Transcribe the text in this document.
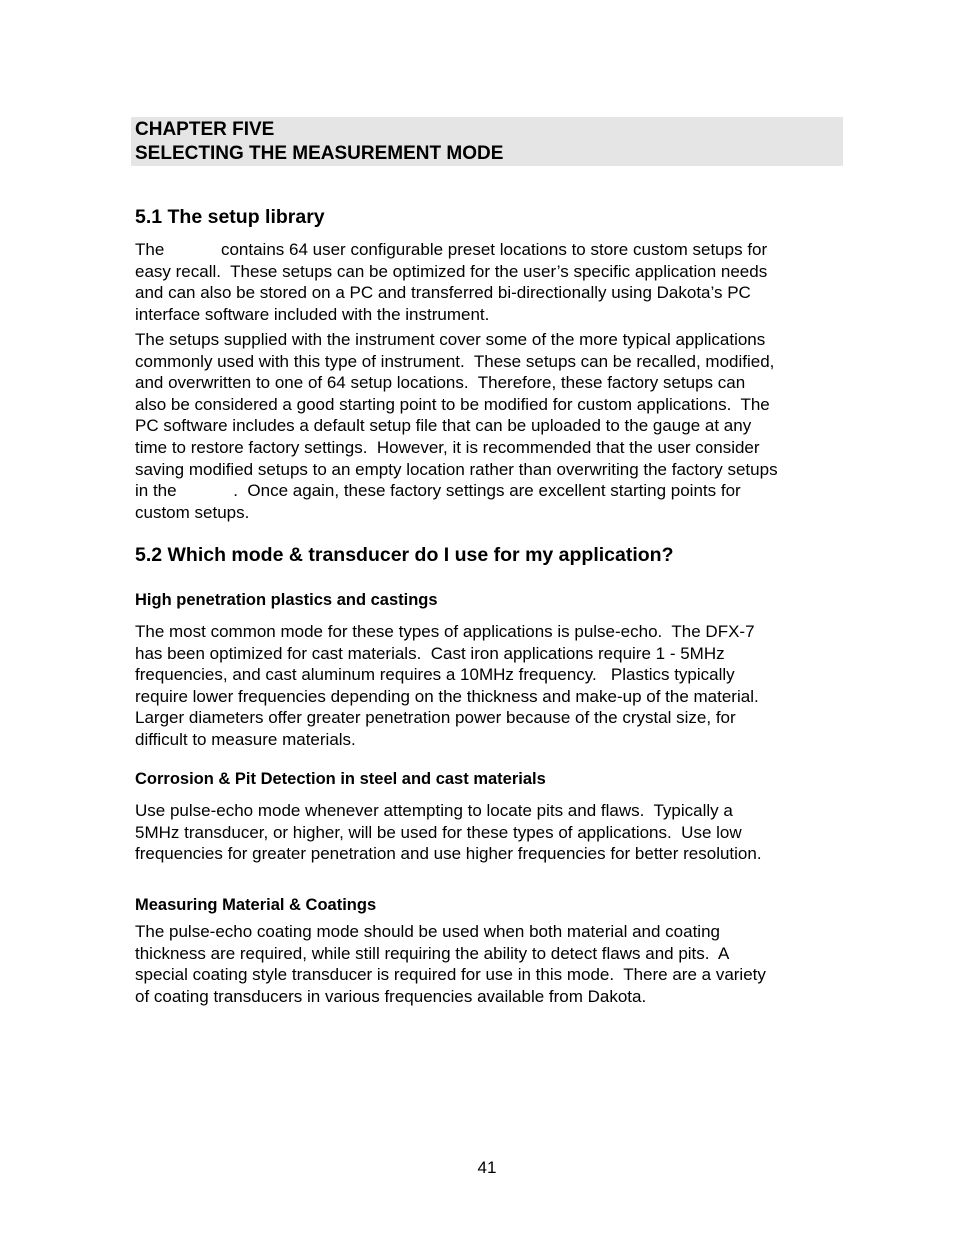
CHAPTER FIVE
SELECTING THE MEASUREMENT MODE
5.1 The setup library
The            contains 64 user configurable preset locations to store custom setups for
easy recall.  These setups can be optimized for the user’s specific application needs
and can also be stored on a PC and transferred bi-directionally using Dakota’s PC
interface software included with the instrument.
The setups supplied with the instrument cover some of the more typical applications
commonly used with this type of instrument.  These setups can be recalled, modified,
and overwritten to one of 64 setup locations.  Therefore, these factory setups can
also be considered a good starting point to be modified for custom applications.  The
PC software includes a default setup file that can be uploaded to the gauge at any
time to restore factory settings.  However, it is recommended that the user consider
saving modified setups to an empty location rather than overwriting the factory setups
in the            .  Once again, these factory settings are excellent starting points for
custom setups.
5.2 Which mode & transducer do I use for my application?
High penetration plastics and castings
The most common mode for these types of applications is pulse-echo.  The DFX-7
has been optimized for cast materials.  Cast iron applications require 1 - 5MHz
frequencies, and cast aluminum requires a 10MHz frequency.   Plastics typically
require lower frequencies depending on the thickness and make-up of the material.
Larger diameters offer greater penetration power because of the crystal size, for
difficult to measure materials.
Corrosion & Pit Detection in steel and cast materials
Use pulse-echo mode whenever attempting to locate pits and flaws.  Typically a
5MHz transducer, or higher, will be used for these types of applications.  Use low
frequencies for greater penetration and use higher frequencies for better resolution.
Measuring Material & Coatings
The pulse-echo coating mode should be used when both material and coating
thickness are required, while still requiring the ability to detect flaws and pits.  A
special coating style transducer is required for use in this mode.  There are a variety
of coating transducers in various frequencies available from Dakota.
41
